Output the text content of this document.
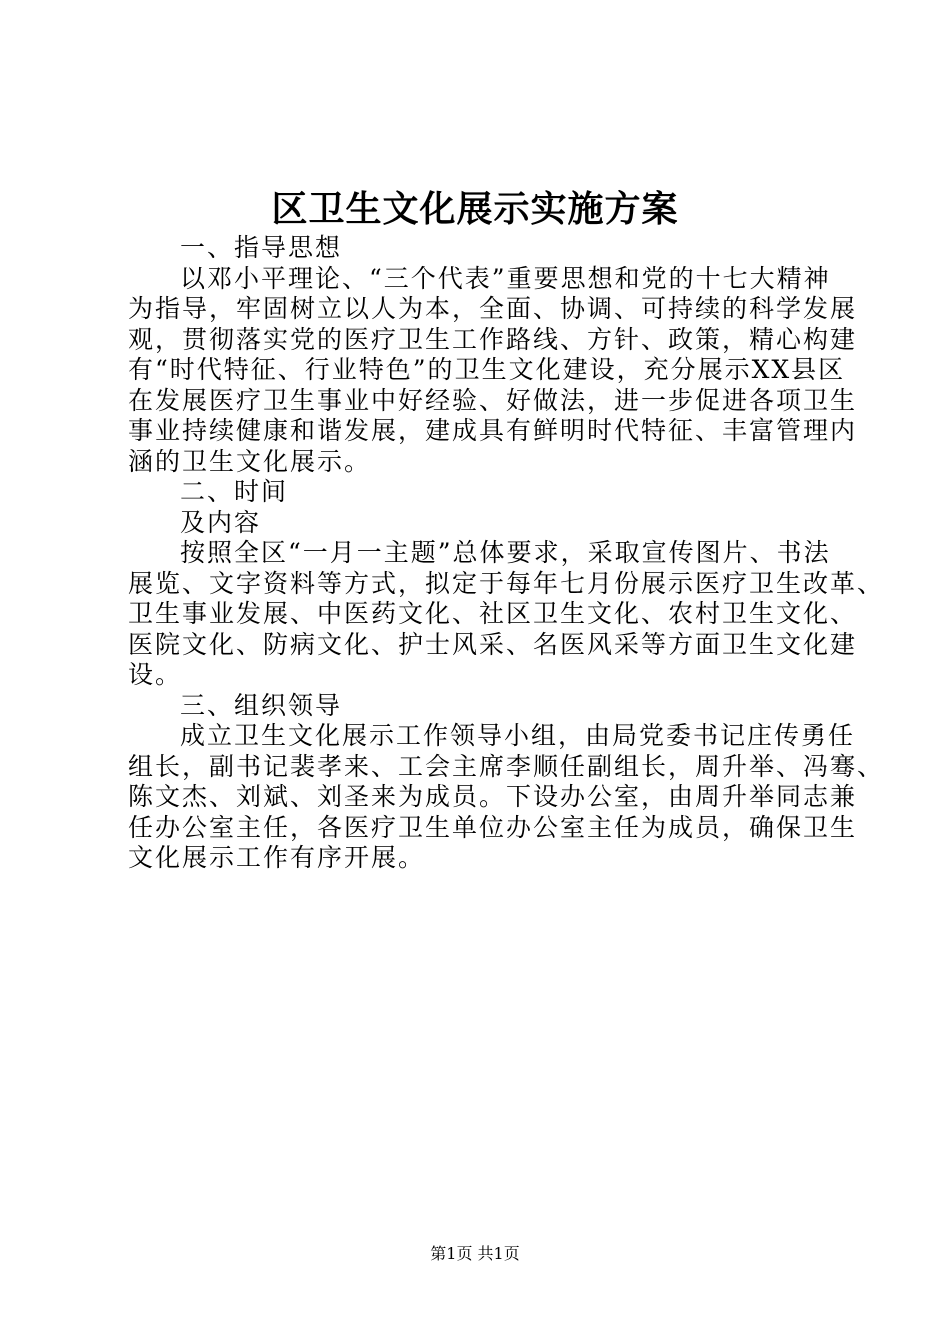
区卫生文化展示实施方案
一、指导思想
以邓小平理论、“三个代表”重要思想和党的十七大精神
为指导，牢固树立以人为本，全面、协调、可持续的科学发展
观，贯彻落实党的医疗卫生工作路线、方针、政策，精心构建
有“时代特征、行业特色”的卫生文化建设，充分展示XX县区
在发展医疗卫生事业中好经验、好做法，进一步促进各项卫生
事业持续健康和谐发展，建成具有鲜明时代特征、丰富管理内
涵的卫生文化展示。
二、时间
及内容
按照全区“一月一主题”总体要求，采取宣传图片、书法
展览、文字资料等方式，拟定于每年七月份展示医疗卫生改革、
卫生事业发展、中医药文化、社区卫生文化、农村卫生文化、
医院文化、防病文化、护士风采、名医风采等方面卫生文化建
设。
三、组织领导
成立卫生文化展示工作领导小组，由局党委书记庄传勇任
组长，副书记裴孝来、工会主席李顺任副组长，周升举、冯骞、
陈文杰、刘斌、刘圣来为成员。下设办公室，由周升举同志兼
任办公室主任，各医疗卫生单位办公室主任为成员，确保卫生
文化展示工作有序开展。
第1页 共1页
